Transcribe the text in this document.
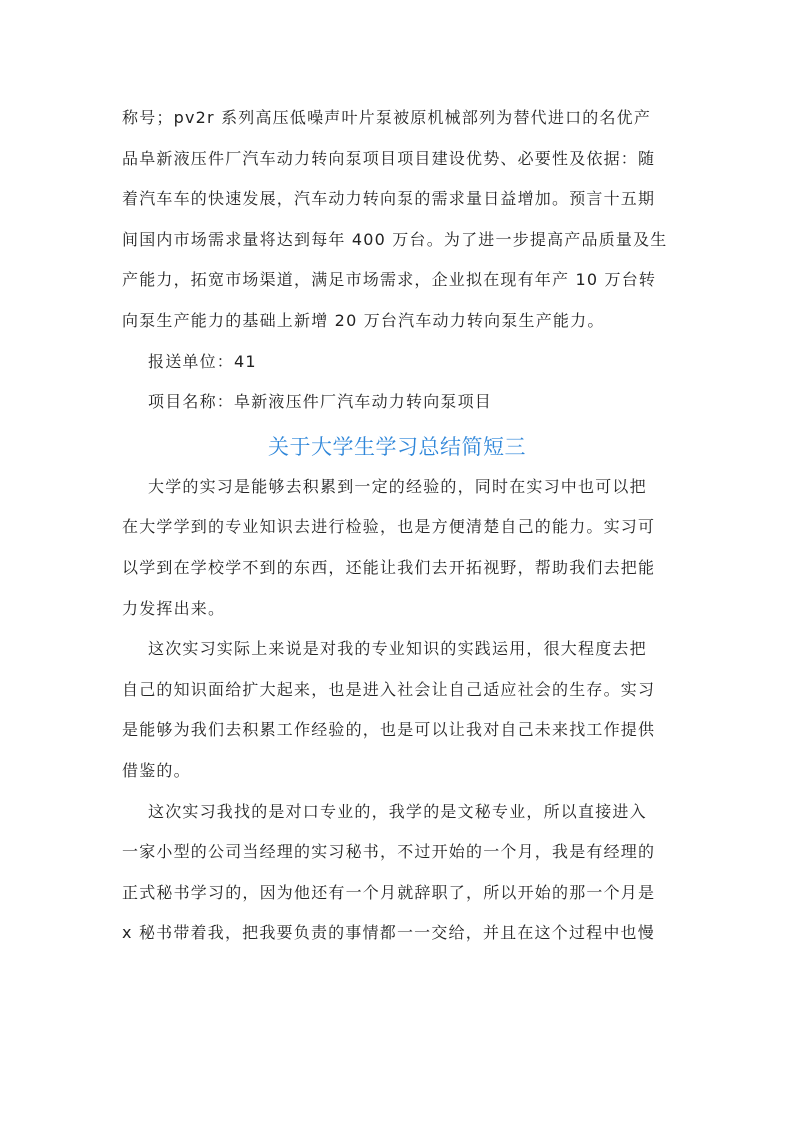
称号；pv2r 系列高压低噪声叶片泵被原机械部列为替代进口的名优产
品阜新液压件厂汽车动力转向泵项目项目建设优势、必要性及依据：随
着汽车车的快速发展，汽车动力转向泵的需求量日益增加。预言十五期
间国内市场需求量将达到每年 400 万台。为了进一步提高产品质量及生
产能力，拓宽市场渠道，满足市场需求，企业拟在现有年产 10 万台转
向泵生产能力的基础上新增 20 万台汽车动力转向泵生产能力。

报送单位：41

项目名称：阜新液压件厂汽车动力转向泵项目

关于大学生学习总结简短三

大学的实习是能够去积累到一定的经验的，同时在实习中也可以把
在大学学到的专业知识去进行检验，也是方便清楚自己的能力。实习可
以学到在学校学不到的东西，还能让我们去开拓视野，帮助我们去把能
力发挥出来。

这次实习实际上来说是对我的专业知识的实践运用，很大程度去把
自己的知识面给扩大起来，也是进入社会让自己适应社会的生存。实习
是能够为我们去积累工作经验的，也是可以让我对自己未来找工作提供
借鉴的。

这次实习我找的是对口专业的，我学的是文秘专业，所以直接进入
一家小型的公司当经理的实习秘书，不过开始的一个月，我是有经理的
正式秘书学习的，因为他还有一个月就辞职了，所以开始的那一个月是
x 秘书带着我，把我要负责的事情都一一交给，并且在这个过程中也慢
